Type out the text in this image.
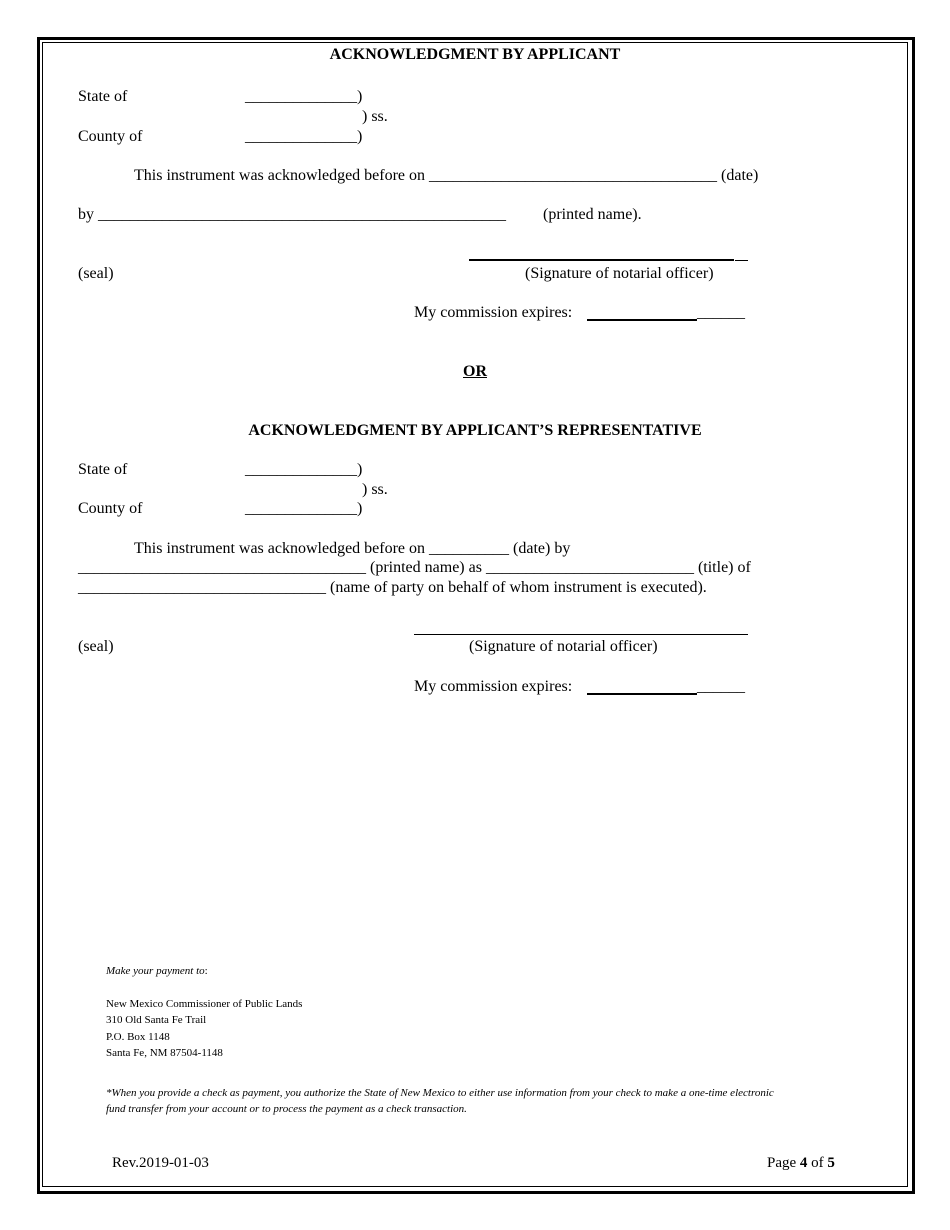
ACKNOWLEDGMENT BY APPLICANT
State of	______________)
) ss.
County of	______________)
This instrument was acknowledged before on ____________________________________ (date)
by ___________________________________________________ (printed name).
(seal)	(Signature of notarial officer)
My commission expires:	______
OR
ACKNOWLEDGMENT BY APPLICANT’S REPRESENTATIVE
State of	______________)
) ss.
County of	______________)
This instrument was acknowledged before on __________ (date) by
____________________________________ (printed name) as __________________________ (title) of
_______________________________ (name of party on behalf of whom instrument is executed).
(seal)	(Signature of notarial officer)
My commission expires:	______
Make your payment to:
New Mexico Commissioner of Public Lands
310 Old Santa Fe Trail
P.O. Box 1148
Santa Fe, NM 87504-1148
*When you provide a check as payment, you authorize the State of New Mexico to either use information from your check to make a one-time electronic
fund transfer from your account or to process the payment as a check transaction.
Rev.2019-01-03	Page 4 of 5
